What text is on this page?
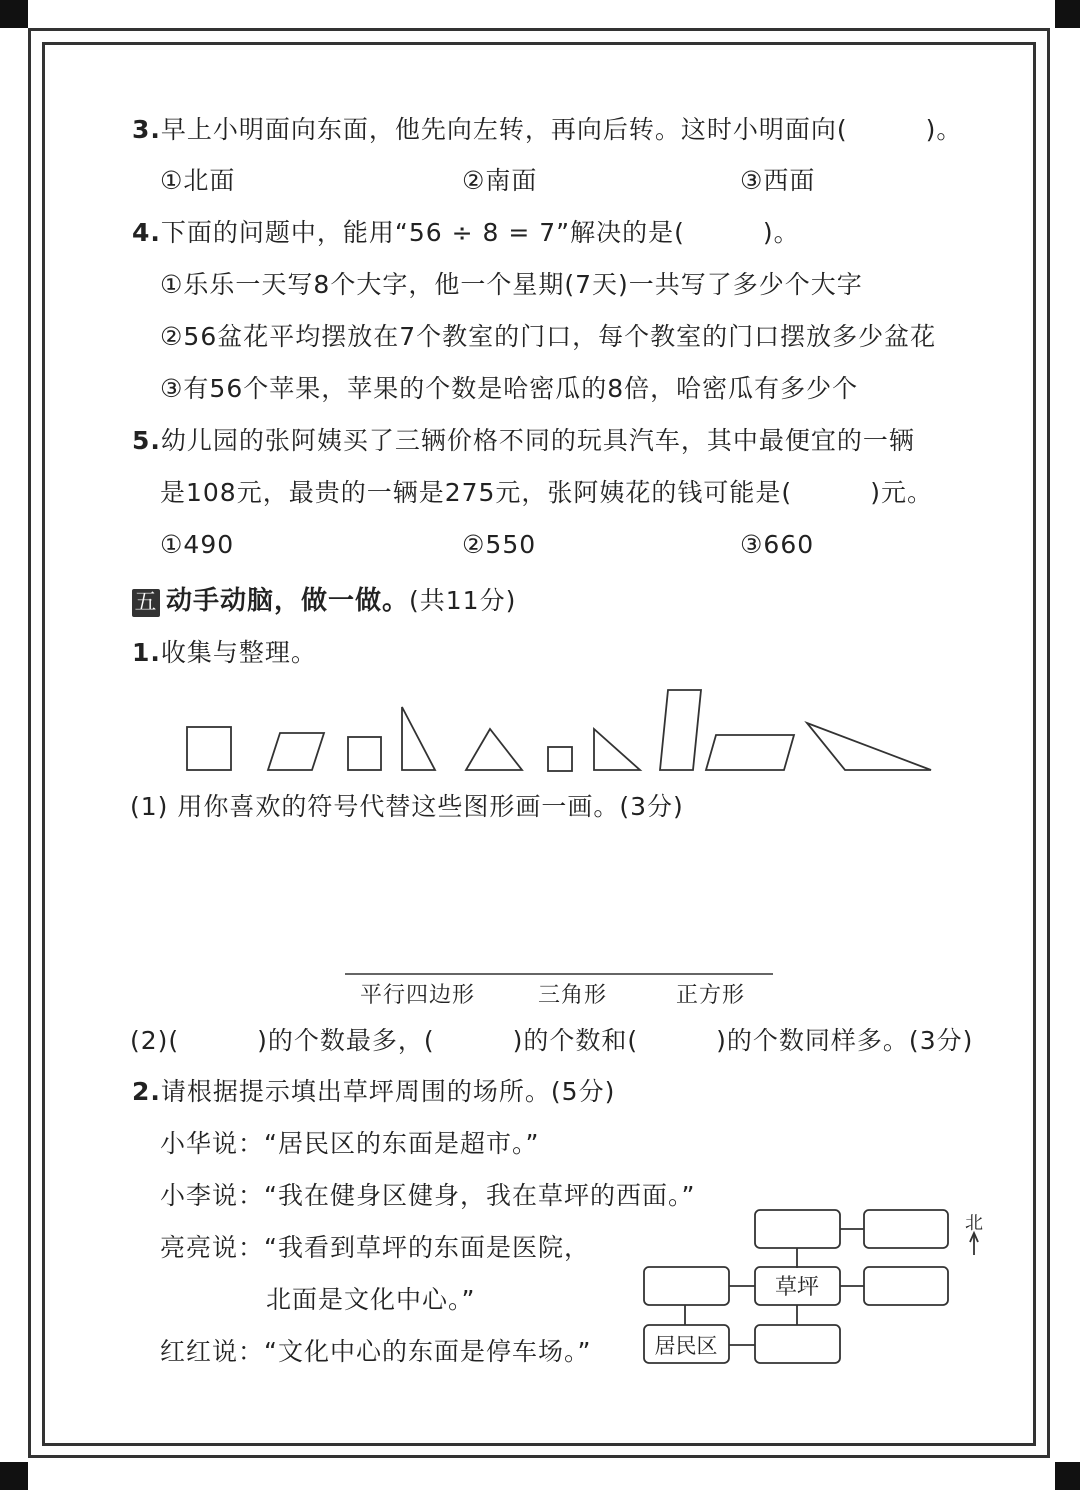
3.早上小明面向东面，他先向左转，再向后转。这时小明面向(　　　)。
①北面	②南面	③西面
4.下面的问题中，能用“56 ÷ 8 = 7”解决的是(　　　)。
①乐乐一天写8个大字，他一个星期(7天)一共写了多少个大字
②56盆花平均摆放在7个教室的门口，每个教室的门口摆放多少盆花
③有56个苹果，苹果的个数是哈密瓜的8倍，哈密瓜有多少个
5.幼儿园的张阿姨买了三辆价格不同的玩具汽车，其中最便宜的一辆
是108元，最贵的一辆是275元，张阿姨花的钱可能是(　　　)元。
①490	②550	③660
五 动手动脑，做一做。(共11分)
1.收集与整理。
(1) 用你喜欢的符号代替这些图形画一画。(3分)
平行四边形	三角形	正方形
(2)(　　　)的个数最多，(　　　)的个数和(　　　)的个数同样多。(3分)
2.请根据提示填出草坪周围的场所。(5分)
小华说：“居民区的东面是超市。”
小李说：“我在健身区健身，我在草坪的西面。”
亮亮说：“我看到草坪的东面是医院，
北面是文化中心。”
红红说：“文化中心的东面是停车场。”
草坪
居民区
北
